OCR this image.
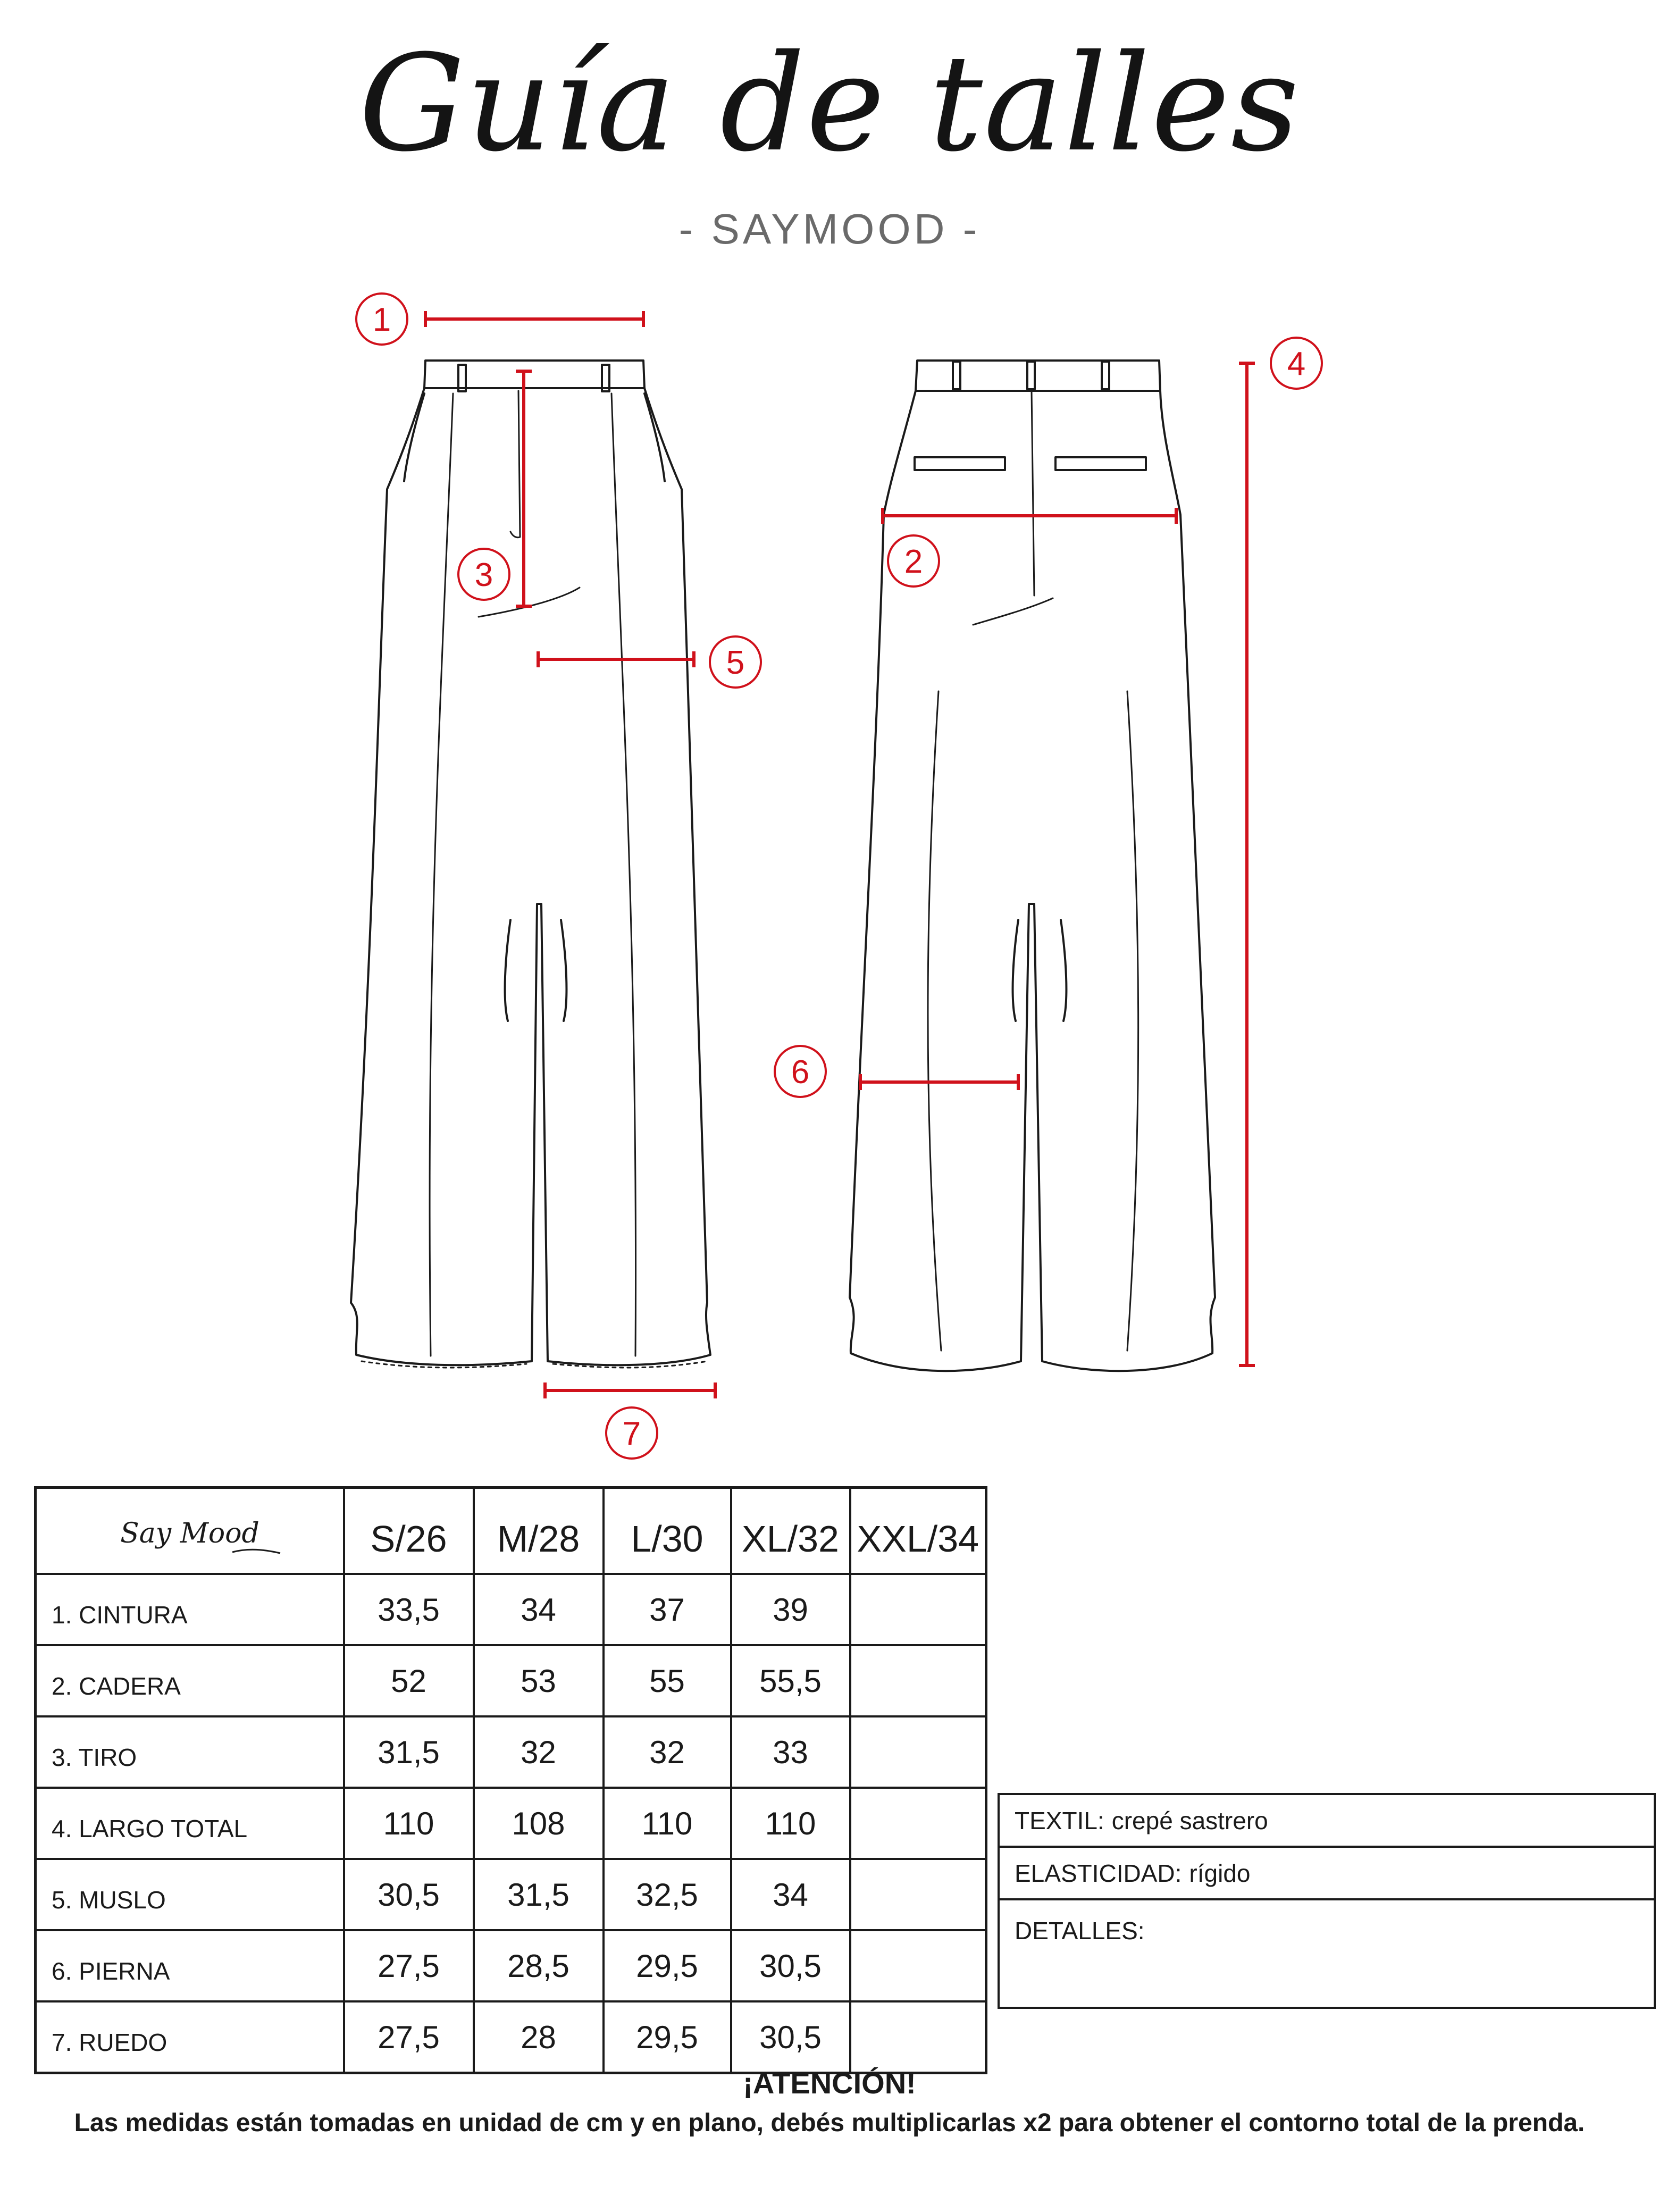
Guía de talles
- SAYMOOD -
1
2
3
4
5
6
7
Say Mood	S/26	M/28	L/30	XL/32	XXL/34
1. CINTURA	33,5	34	37	39	
2. CADERA	52	53	55	55,5	
3. TIRO	31,5	32	32	33	
4. LARGO TOTAL	110	108	110	110	
5. MUSLO	30,5	31,5	32,5	34	
6. PIERNA	27,5	28,5	29,5	30,5	
7. RUEDO	27,5	28	29,5	30,5	
TEXTIL: crepé sastrero
ELASTICIDAD: rígido
DETALLES:
¡ATENCIÓN!
Las medidas están tomadas en unidad de cm y en plano, debés multiplicarlas x2 para obtener el contorno total de la prenda.
